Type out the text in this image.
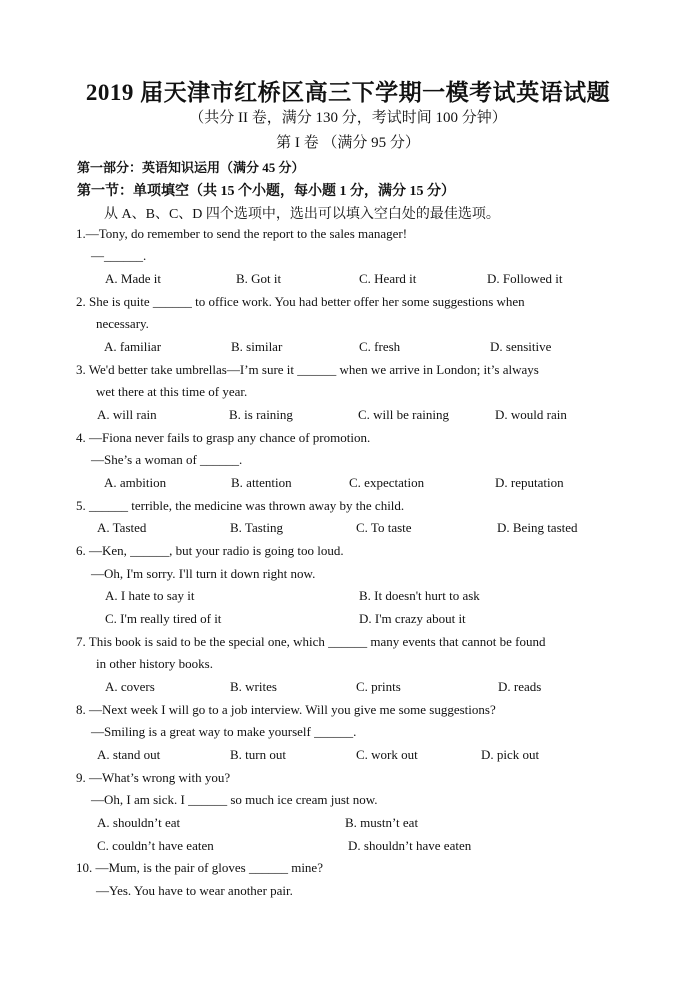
2019 届天津市红桥区高三下学期一模考试英语试题
（共分 II 卷，满分 130 分，考试时间 100 分钟）
第 I 卷 （满分 95 分）
第一部分：英语知识运用（满分 45 分）
第一节：单项填空（共 15 个小题，每小题 1 分，满分 15 分）
从 A、B、C、D 四个选项中，选出可以填入空白处的最佳选项。
1.—Tony, do remember to send the report to the sales manager!
—______.
A. Made it	B. Got it	C. Heard it	D. Followed it
2. She is quite ______ to office work. You had better offer her some suggestions when
necessary.
A. familiar	B. similar	C. fresh	D. sensitive
3. We'd better take umbrellas—I’m sure it ______ when we arrive in London; it’s always
wet there at this time of year.
A. will rain	B. is raining	C. will be raining	D. would rain
4. —Fiona never fails to grasp any chance of promotion.
—She’s a woman of ______.
A. ambition	B. attention	C. expectation	D. reputation
5. ______ terrible, the medicine was thrown away by the child.
A. Tasted	B. Tasting	C. To taste	D. Being tasted
6. —Ken, ______, but your radio is going too loud.
—Oh, I'm sorry. I'll turn it down right now.
A. I hate to say it	B. It doesn't hurt to ask
C. I'm really tired of it	D. I'm crazy about it
7. This book is said to be the special one, which ______ many events that cannot be found
in other history books.
A. covers	B. writes	C. prints	D. reads
8. —Next week I will go to a job interview. Will you give me some suggestions?
—Smiling is a great way to make yourself ______.
A. stand out	B. turn out	C. work out	D. pick out
9. —What’s wrong with you?
—Oh, I am sick. I ______ so much ice cream just now.
A. shouldn’t eat	B. mustn’t eat
C. couldn’t have eaten	D. shouldn’t have eaten
10. —Mum, is the pair of gloves ______ mine?
—Yes. You have to wear another pair.
